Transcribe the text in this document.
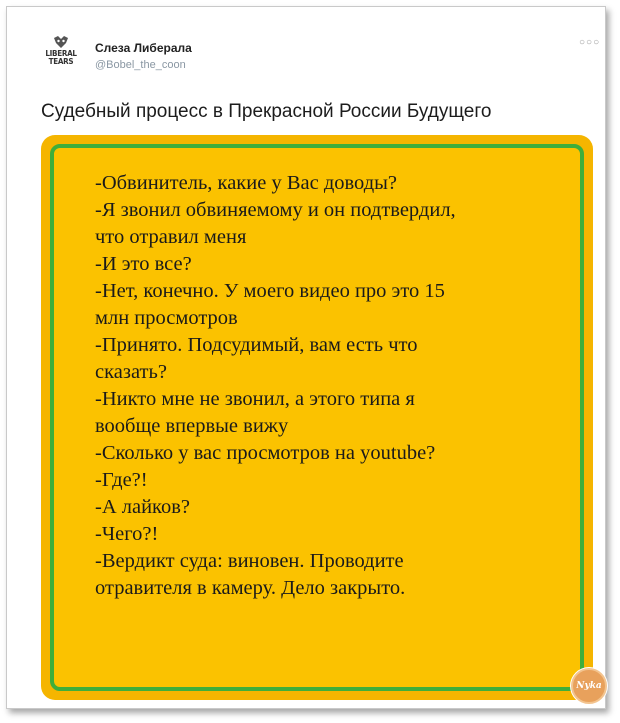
LIBERAL TEARS
Слеза Либерала
@Bobel_the_coon
○○○
Судебный процесс в Прекрасной России Будущего
-Обвинитель, какие у Вас доводы?
-Я звонил обвиняемому и он подтвердил,
что отравил меня
-И это все?
-Нет, конечно. У моего видео про это 15
млн просмотров
-Принято. Подсудимый, вам есть что
сказать?
-Никто мне не звонил, а этого типа я
вообще впервые вижу
-Сколько у вас просмотров на youtube?
-Где?!
-А лайков?
-Чего?!
-Вердикт суда: виновен. Проводите
отравителя в камеру. Дело закрыто.
Nyka
